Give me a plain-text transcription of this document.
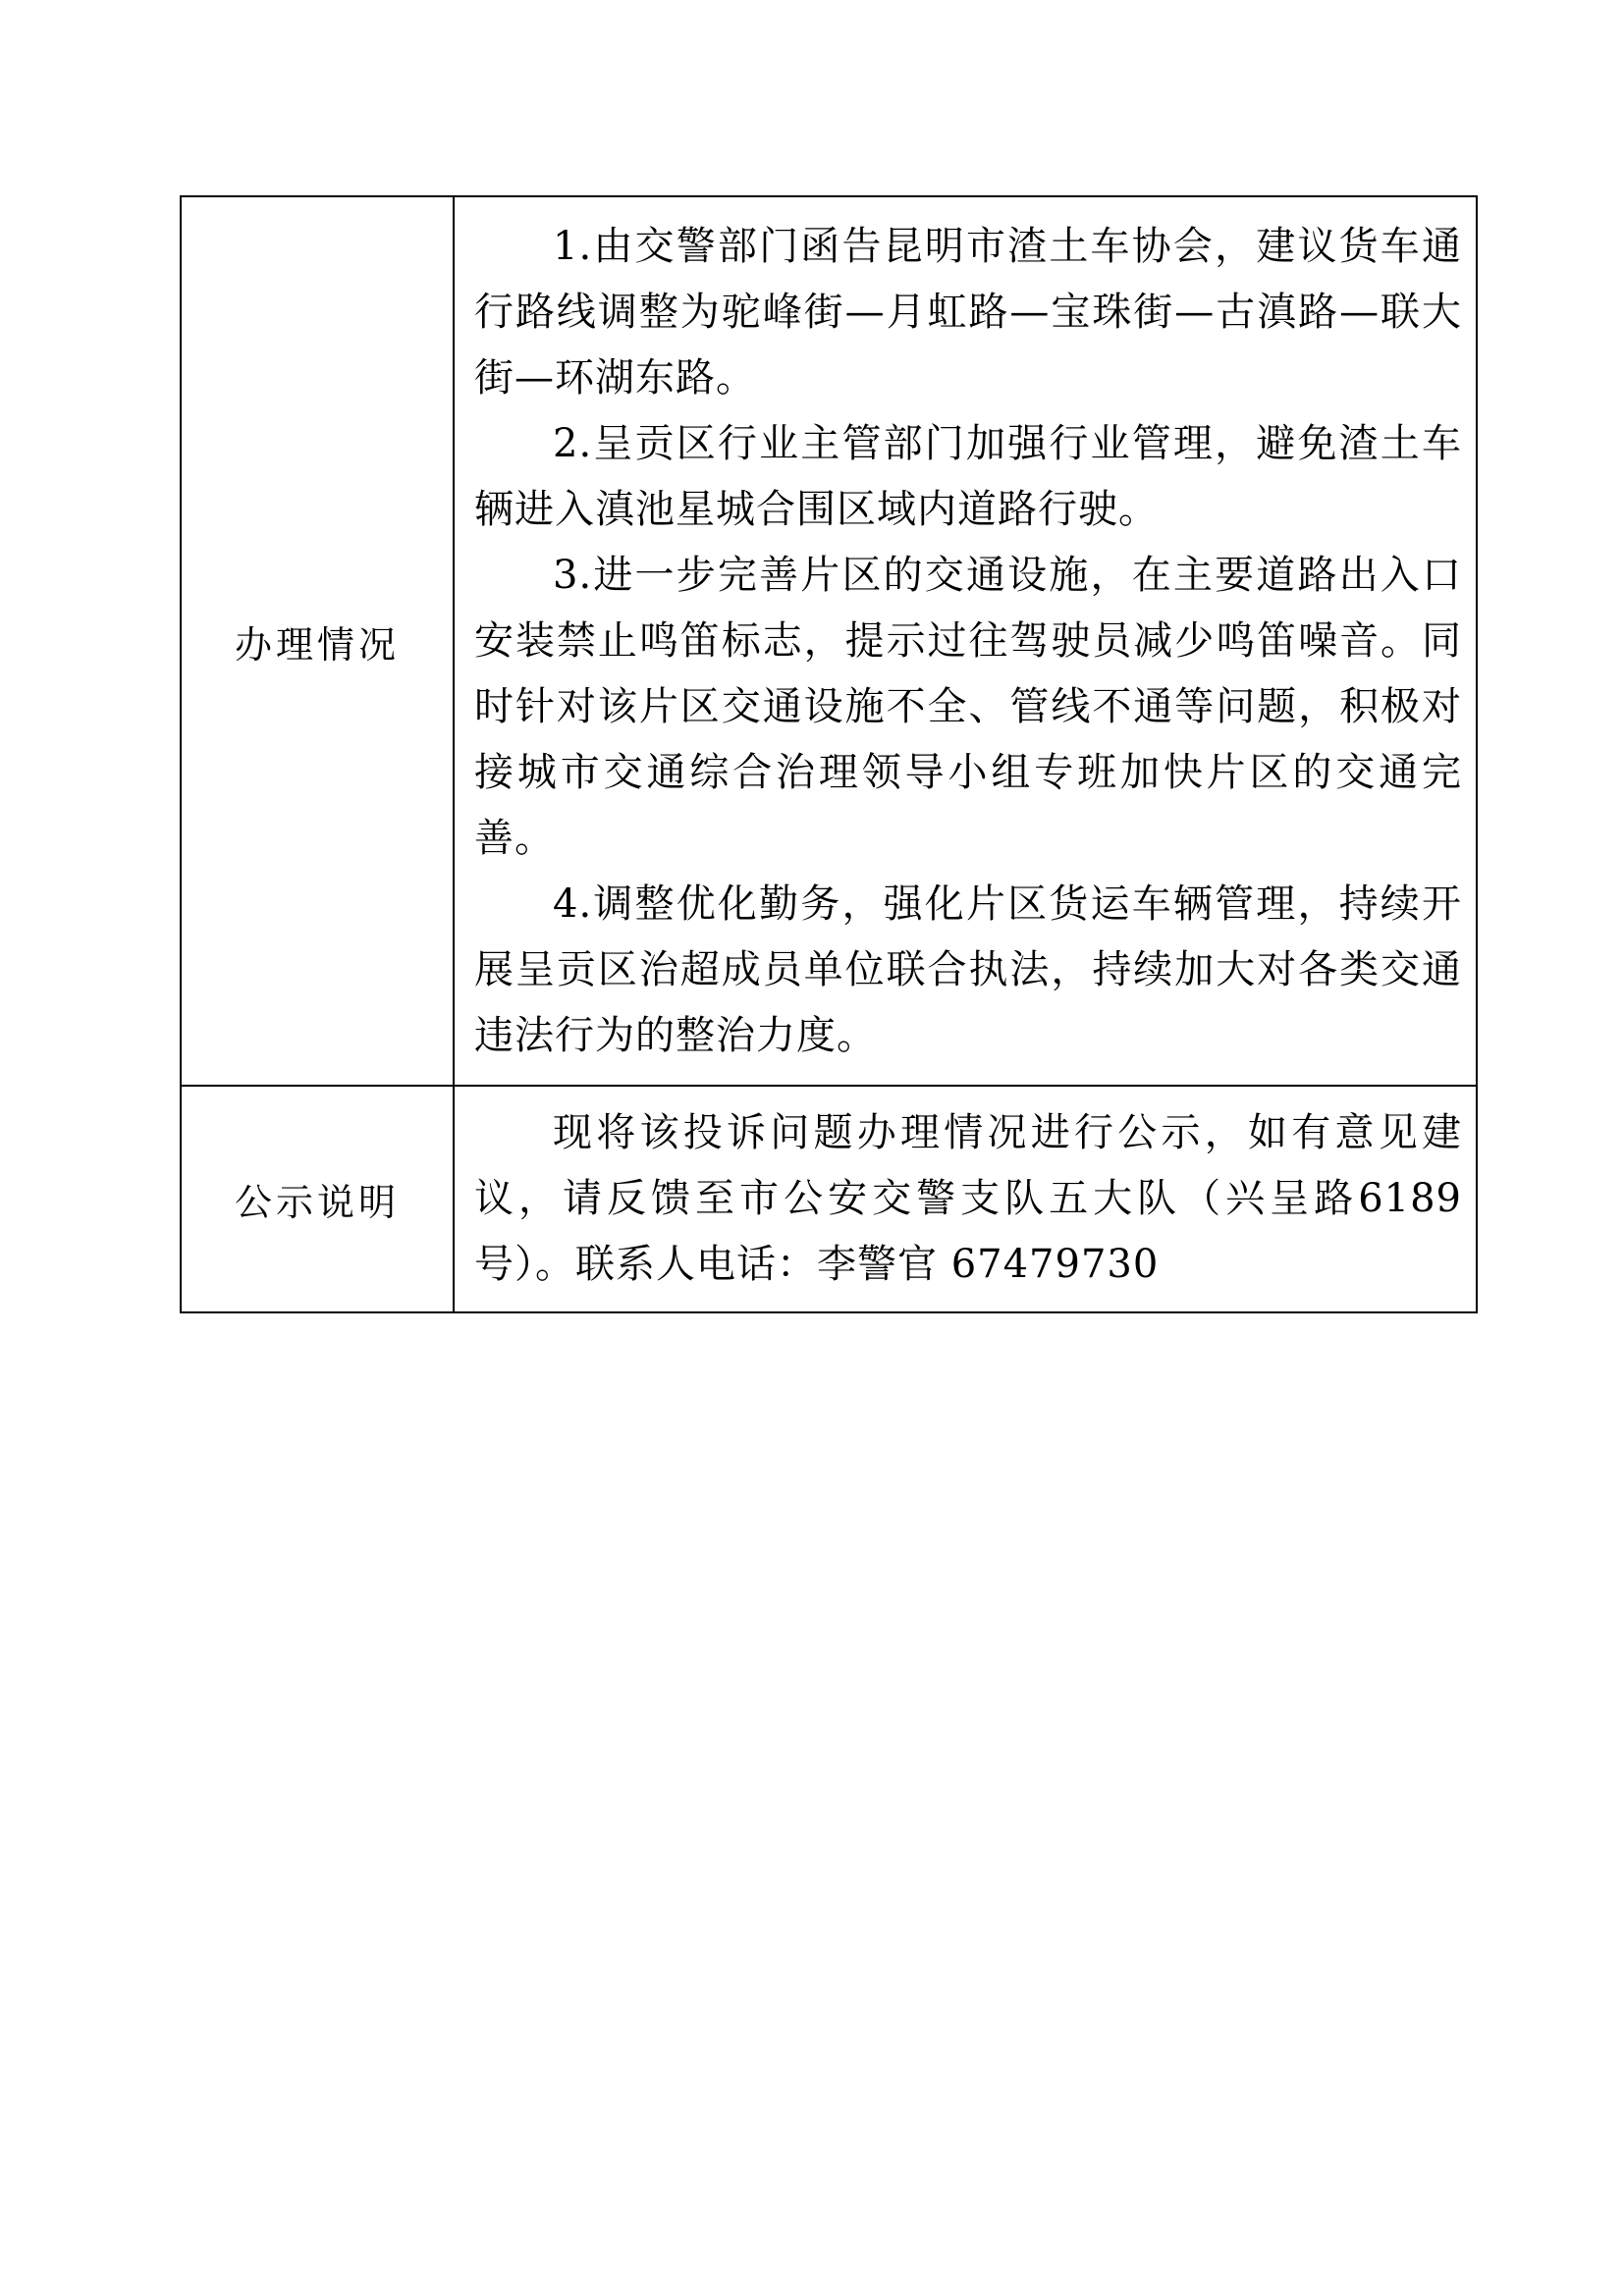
办理情况	1.由交警部门函告昆明市渣土车协会，建议货车通行路线调整为驼峰街—月虹路—宝珠街—古滇路—联大街—环湖东路。

2.呈贡区行业主管部门加强行业管理，避免渣土车辆进入滇池星城合围区域内道路行驶。

3.进一步完善片区的交通设施，在主要道路出入口安装禁止鸣笛标志，提示过往驾驶员减少鸣笛噪音。同时针对该片区交通设施不全、管线不通等问题，积极对接城市交通综合治理领导小组专班加快片区的交通完善。

4.调整优化勤务，强化片区货运车辆管理，持续开展呈贡区治超成员单位联合执法，持续加大对各类交通违法行为的整治力度。

公示说明	现将该投诉问题办理情况进行公示，如有意见建议，请反馈至市公安交警支队五大队（兴呈路6189号）。联系人电话：李警官 67479730
